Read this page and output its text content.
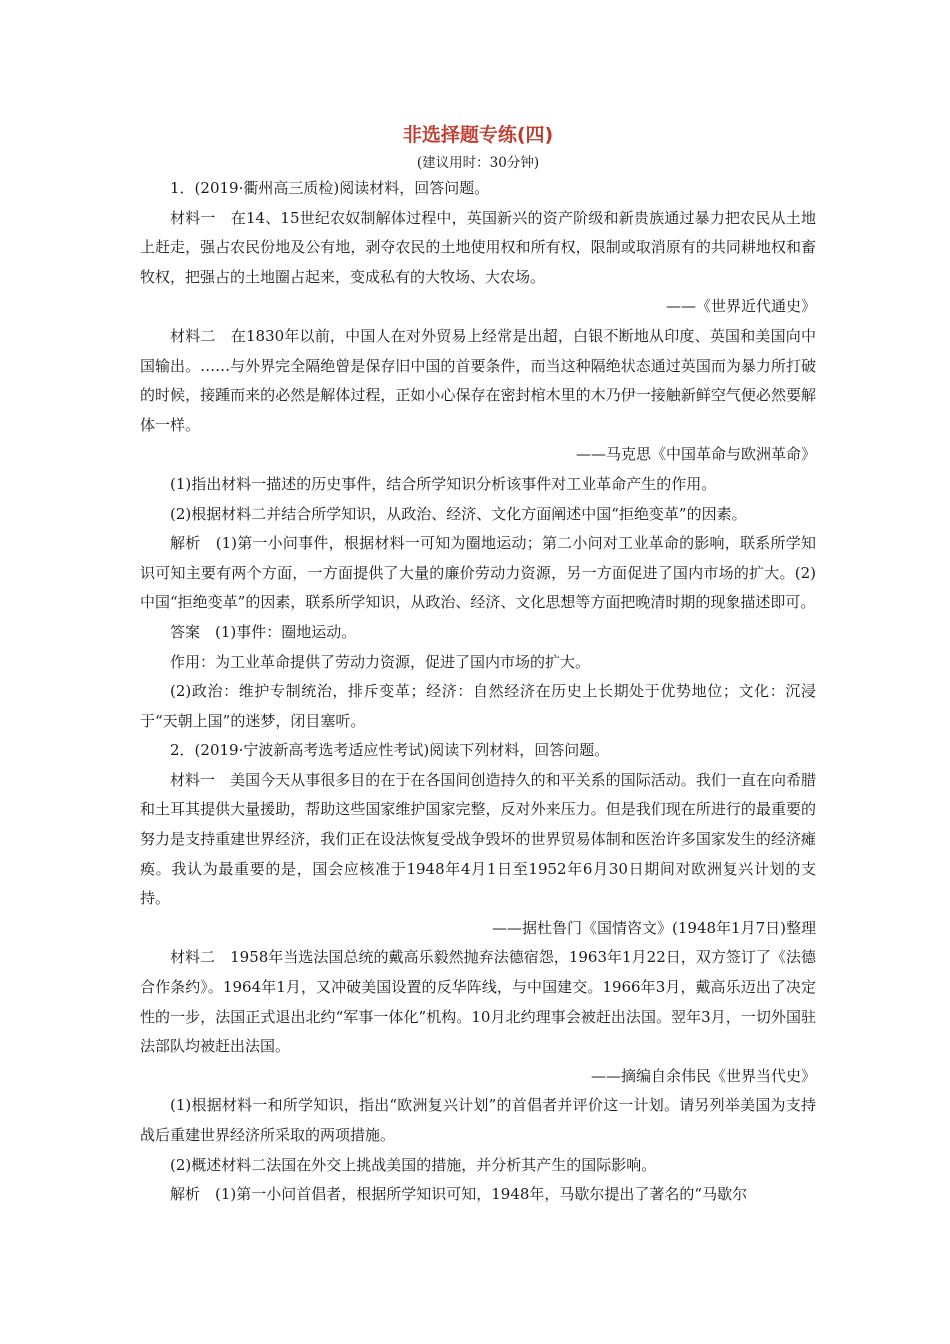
非选择题专练(四)

(建议用时：30分钟)

1．(2019·衢州高三质检)阅读材料，回答问题。

材料一　在14、15世纪农奴制解体过程中，英国新兴的资产阶级和新贵族通过暴力把农民从土地上赶走，强占农民份地及公有地，剥夺农民的土地使用权和所有权，限制或取消原有的共同耕地权和畜牧权，把强占的土地圈占起来，变成私有的大牧场、大农场。

——《世界近代通史》

材料二　在1830年以前，中国人在对外贸易上经常是出超，白银不断地从印度、英国和美国向中国输出。……与外界完全隔绝曾是保存旧中国的首要条件，而当这种隔绝状态通过英国而为暴力所打破的时候，接踵而来的必然是解体过程，正如小心保存在密封棺木里的木乃伊一接触新鲜空气便必然要解体一样。

——马克思《中国革命与欧洲革命》

(1)指出材料一描述的历史事件，结合所学知识分析该事件对工业革命产生的作用。

(2)根据材料二并结合所学知识，从政治、经济、文化方面阐述中国“拒绝变革”的因素。

解析　(1)第一小问事件，根据材料一可知为圈地运动；第二小问对工业革命的影响，联系所学知识可知主要有两个方面，一方面提供了大量的廉价劳动力资源，另一方面促进了国内市场的扩大。(2)中国“拒绝变革”的因素，联系所学知识，从政治、经济、文化思想等方面把晚清时期的现象描述即可。

答案　(1)事件：圈地运动。

作用：为工业革命提供了劳动力资源，促进了国内市场的扩大。

(2)政治：维护专制统治，排斥变革；经济：自然经济在历史上长期处于优势地位；文化：沉浸于“天朝上国”的迷梦，闭目塞听。

2．(2019·宁波新高考选考适应性考试)阅读下列材料，回答问题。

材料一　美国今天从事很多目的在于在各国间创造持久的和平关系的国际活动。我们一直在向希腊和土耳其提供大量援助，帮助这些国家维护国家完整，反对外来压力。但是我们现在所进行的最重要的努力是支持重建世界经济，我们正在设法恢复受战争毁坏的世界贸易体制和医治许多国家发生的经济瘫痪。我认为最重要的是，国会应核准于1948年4月1日至1952年6月30日期间对欧洲复兴计划的支持。

——据杜鲁门《国情咨文》(1948年1月7日)整理

材料二　1958年当选法国总统的戴高乐毅然抛弃法德宿怨，1963年1月22日，双方签订了《法德合作条约》。1964年1月，又冲破美国设置的反华阵线，与中国建交。1966年3月，戴高乐迈出了决定性的一步，法国正式退出北约“军事一体化”机构。10月北约理事会被赶出法国。翌年3月，一切外国驻法部队均被赶出法国。

——摘编自余伟民《世界当代史》

(1)根据材料一和所学知识，指出“欧洲复兴计划”的首倡者并评价这一计划。请另列举美国为支持战后重建世界经济所采取的两项措施。

(2)概述材料二法国在外交上挑战美国的措施，并分析其产生的国际影响。

解析　(1)第一小问首倡者，根据所学知识可知，1948年，马歇尔提出了著名的“马歇尔
